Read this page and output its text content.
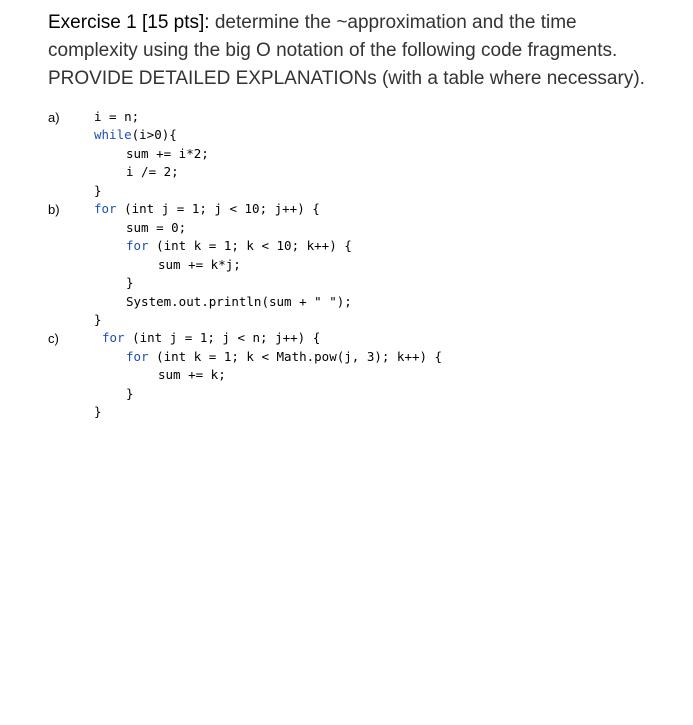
Exercise 1 [15 pts]: determine the ~approximation and the time complexity using the big O notation of the following code fragments. PROVIDE DETAILED EXPLANATIONs (with a table where necessary).
a)	i = n;
while(i>0){
sum += i*2;
i /= 2;
}
b)	for (int j = 1; j < 10; j++) {
sum = 0;
for (int k = 1; k < 10; k++) {
sum += k*j;
}
System.out.println(sum + " ");
}
c)	for (int j = 1; j < n; j++) {
for (int k = 1; k < Math.pow(j, 3); k++) {
sum += k;
}
}
